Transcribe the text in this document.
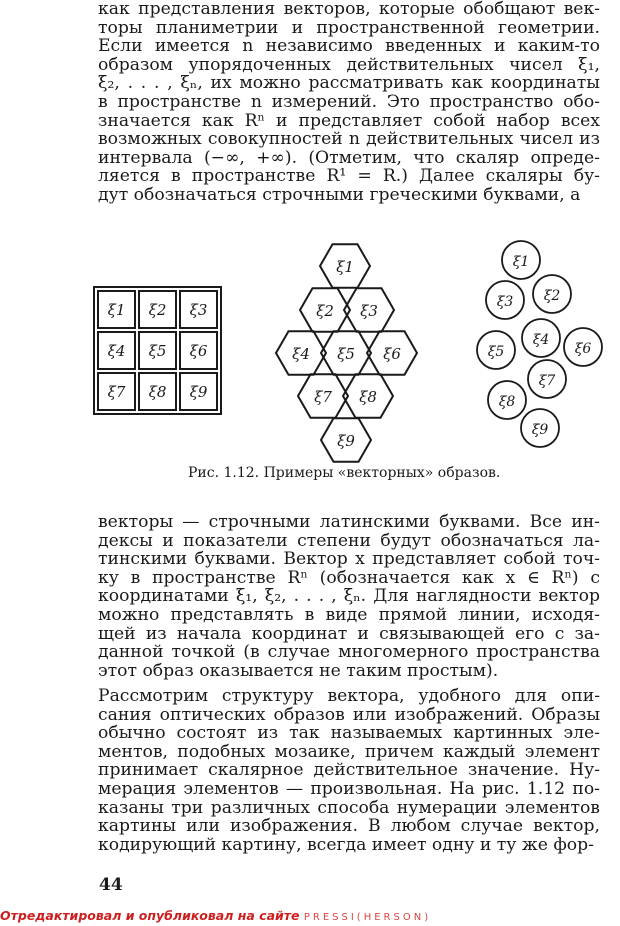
как представления векторов, которые обобщают век-
торы планиметрии и пространственной геометрии.
Если имеется n независимо введенных и каким-то
образом упорядоченных действительных чисел ξ₁,
ξ₂, . . . , ξₙ, их можно рассматривать как координаты
в пространстве n измерений. Это пространство обо-
значается как Rⁿ и представляет собой набор всех
возможных совокупностей n действительных чисел из
интервала (−∞, +∞). (Отметим, что скаляр опреде-
ляется в пространстве R¹ = R.) Далее скаляры бу-
дут обозначаться строчными греческими буквами, а
ξ1 ξ2 ξ3
ξ4 ξ5 ξ6
ξ7 ξ8 ξ9
ξ1
ξ2 ξ3
ξ4 ξ5 ξ6
ξ7 ξ8
ξ9
ξ1
ξ2
ξ3
ξ4
ξ5	ξ6
ξ7
ξ8
ξ9
Рис. 1.12. Примеры «векторных» образов.
векторы — строчными латинскими буквами. Все ин-
дексы и показатели степени будут обозначаться ла-
тинскими буквами. Вектор x представляет собой точ-
ку в пространстве Rⁿ (обозначается как x ∈ Rⁿ) с
координатами ξ₁, ξ₂, . . . , ξₙ. Для наглядности вектор
можно представлять в виде прямой линии, исходя-
щей из начала координат и связывающей его с за-
данной точкой (в случае многомерного пространства
этот образ оказывается не таким простым).
Рассмотрим структуру вектора, удобного для опи-
сания оптических образов или изображений. Образы
обычно состоят из так называемых картинных эле-
ментов, подобных мозаике, причем каждый элемент
принимает скалярное действительное значение. Ну-
мерация элементов — произвольная. На рис. 1.12 по-
казаны три различных способа нумерации элементов
картины или изображения. В любом случае вектор,
кодирующий картину, всегда имеет одну и ту же фор-
44
Отредактировал и опубликовал на сайте PRESSI(HERSON)
